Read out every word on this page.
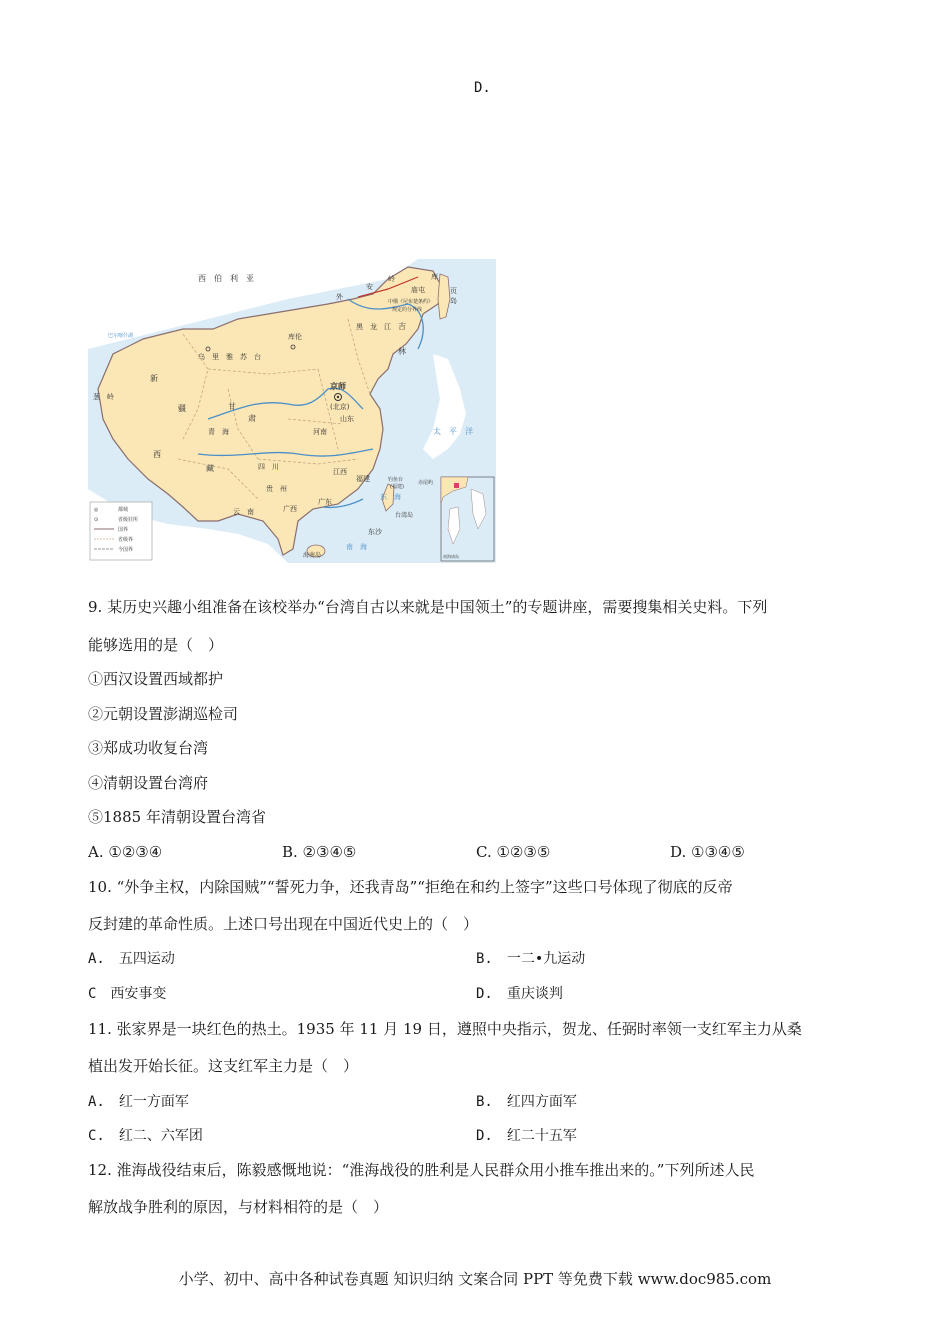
D.
西　伯　利　亚
外
安
岭	库
庙屯	页
岛
中俄《尼布楚条约》
规定的分界线
库伦
乌　里　雅　苏　台
京师
(北京)
新
疆	甘
肃
青　海
西
藏	四　川
山东
河南
贵　州
云　南	广西
广东
福建
江西
吉
黑　龙　江
林
钓鱼台
(福建)
赤尾屿
台湾岛
东沙
东　海
海南岛
南　海
太　平　洋
葱　岭
巴尔喀什湖
◎	都城
⊙	省级驻所
国界
省级界
今国界
南海诸岛
9. 某历史兴趣小组准备在该校举办“台湾自古以来就是中国领土”的专题讲座，需要搜集相关史料。下列
能够选用的是（　）
①西汉设置西域都护
②元朝设置澎湖巡检司
③郑成功收复台湾
④清朝设置台湾府
⑤1885 年清朝设置台湾省
A. ①②③④	B. ②③④⑤	C. ①②③⑤	D. ①③④⑤
10. “外争主权，内除国贼”“誓死力争，还我青岛”“拒绝在和约上签字”这些口号体现了彻底的反帝
反封建的革命性质。上述口号出现在中国近代史上的（　）
A.　五四运动	B.　一二•九运动
C　西安事变	D.　重庆谈判
11. 张家界是一块红色的热土。1935 年 11 月 19 日，遵照中央指示，贺龙、任弼时率领一支红军主力从桑
植出发开始长征。这支红军主力是（　）
A.　红一方面军	B.　红四方面军
C.　红二、六军团	D.　红二十五军
12. 淮海战役结束后，陈毅感慨地说：“淮海战役的胜利是人民群众用小推车推出来的。”下列所述人民
解放战争胜利的原因，与材料相符的是（　）
小学、初中、高中各种试卷真题 知识归纳 文案合同 PPT 等免费下载 www.doc985.com
